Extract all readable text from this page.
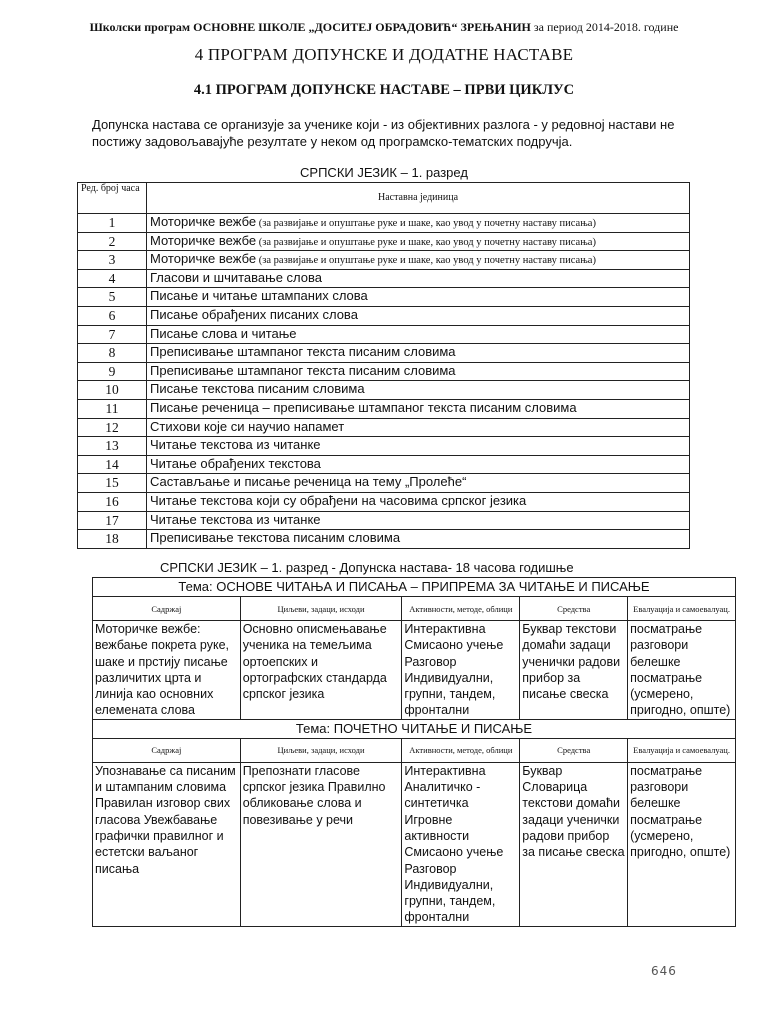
Школски програм ОСНОВНЕ ШКОЛЕ „ДОСИТЕЈ ОБРАДОВИЋ“ ЗРЕЊАНИН за период 2014-2018. године
4 ПРОГРАМ ДОПУНСКЕ И ДОДАТНЕ НАСТАВЕ
4.1 ПРОГРАМ ДОПУНСКЕ НАСТАВЕ – ПРВИ ЦИКЛУС
Допунска настава се организује за ученике који - из објективних разлога - у редовној настави не постижу задовољавајуће резултате у неком од програмско-тематских подручја.
СРПСКИ ЈЕЗИК – 1. разред
Ред. број часа	Наставна јединица
1	Моторичке вежбе (за развијање и опуштање руке и шаке, као увод у почетну наставу писања)
2	Моторичке вежбе (за развијање и опуштање руке и шаке, као увод у почетну наставу писања)
3	Моторичке вежбе (за развијање и опуштање руке и шаке, као увод у почетну наставу писања)
4	Гласови и шчитавање слова
5	Писање и читање штампаних слова
6	Писање обрађених писаних слова
7	Писање слова и читање
8	Преписивање штампаног текста писаним словима
9	Преписивање штампаног текста писаним словима
10	Писање текстова писаним словима
11	Писање реченица – преписивање штампаног текста писаним словима
12	Стихови које си научио напамет
13	Читање текстова из читанке
14	Читање обрађених текстова
15	Састављање и писање реченица на тему „Пролеће“
16	Читање текстова који су обрађени на часовима српског језика
17	Читање текстова из читанке
18	Преписивање текстова писаним словима
СРПСКИ ЈЕЗИК – 1. разред - Допунска настава- 18 часова годишње
Тема: ОСНОВЕ ЧИТАЊА И ПИСАЊА – ПРИПРЕМА ЗА ЧИТАЊЕ И ПИСАЊЕ				
Садржај	Циљеви, задаци, исходи	Активности, методе, облици	Средства	Евалуација и самоевалуац.
Моторичке вежбе: вежбање покрета руке, шаке и прстију писање различитих црта и линија као основних елемената слова	Основно описмењавање ученика на темељима ортоепских и ортографских стандарда српског језика	Интерактивна Смисаоно учење Разговор Индивидуални, групни, тандем, фронтални	Буквар текстови домаћи задаци ученички радови прибор за писање свеска	посматрање разговори белешке посматрање (усмерено, пригодно, опште)
Тема: ПОЧЕТНО ЧИТАЊЕ И ПИСАЊЕ				
Садржај	Циљеви, задаци, исходи	Активности, методе, облици	Средства	Евалуација и самоевалуац.
Упознавање са писаним и штампаним словима Правилан изговор свих гласова Увежбавање графички правилног и естетски ваљаног писања	Препознати гласове српског језика Правилно обликовање слова и повезивање у речи	Интерактивна Аналитичко - синтетичка Игровне активности Смисаоно учење Разговор Индивидуални, групни, тандем, фронтални	Буквар Словарица текстови домаћи задаци ученички радови прибор за писање свеска	посматрање разговори белешке посматрање (усмерено, пригодно, опште)
646
